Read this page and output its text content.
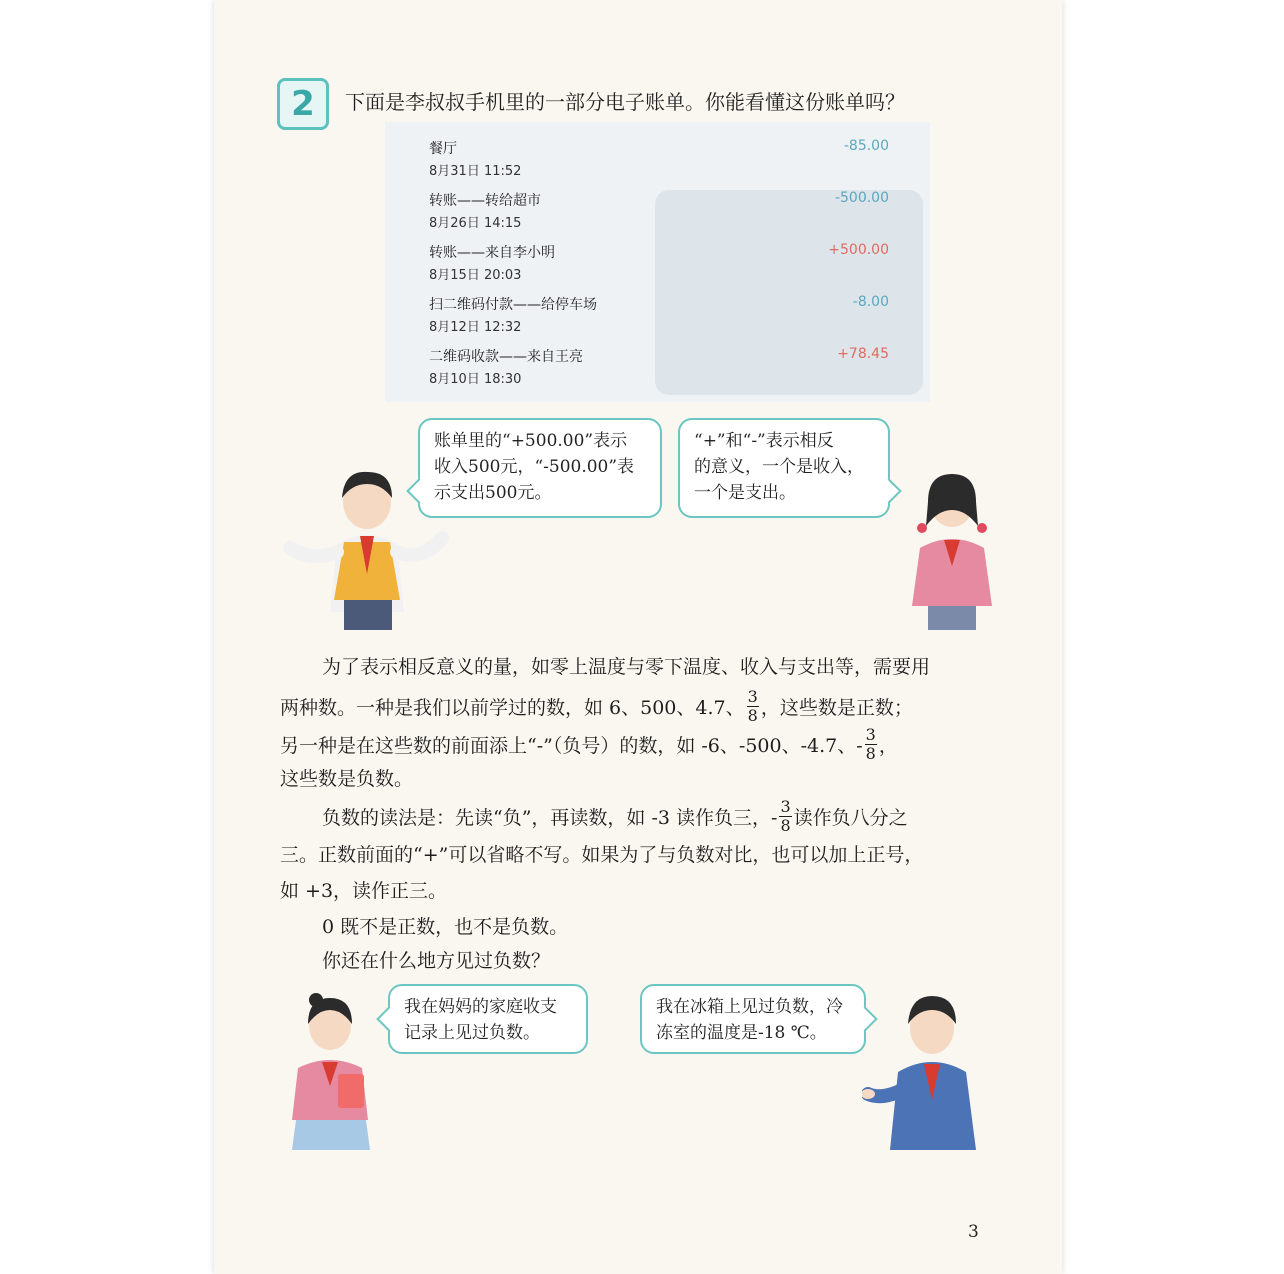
2	下面是李叔叔手机里的一部分电子账单。你能看懂这份账单吗？
餐厅
8月31日 11:52
-85.00
转账——转给超市
8月26日 14:15
-500.00
转账——来自李小明
8月15日 20:03
+500.00
扫二维码付款——给停车场
8月12日 12:32
-8.00
二维码收款——来自王亮
8月10日 18:30
+78.45
账单里的“+500.00”表示
收入500元，“-500.00”表
示支出500元。
“+”和“-”表示相反
的意义，一个是收入，
一个是支出。
为了表示相反意义的量，如零上温度与零下温度、收入与支出等，需要用
两种数。一种是我们以前学过的数，如 6、500、4.7、 $\frac{3}{8}$ ，这些数是正数；
另一种是在这些数的前面添上“-”（负号）的数，如 -6、-500、-4.7、- $\frac{3}{8}$ ，
这些数是负数。
负数的读法是：先读“负”，再读数，如 -3 读作负三，- $\frac{3}{8}$ 读作负八分之
三。正数前面的“+”可以省略不写。如果为了与负数对比，也可以加上正号，
如 +3，读作正三。
0 既不是正数，也不是负数。
你还在什么地方见过负数？
我在妈妈的家庭收支
记录上见过负数。
我在冰箱上见过负数，冷
冻室的温度是-18 ℃。
3
